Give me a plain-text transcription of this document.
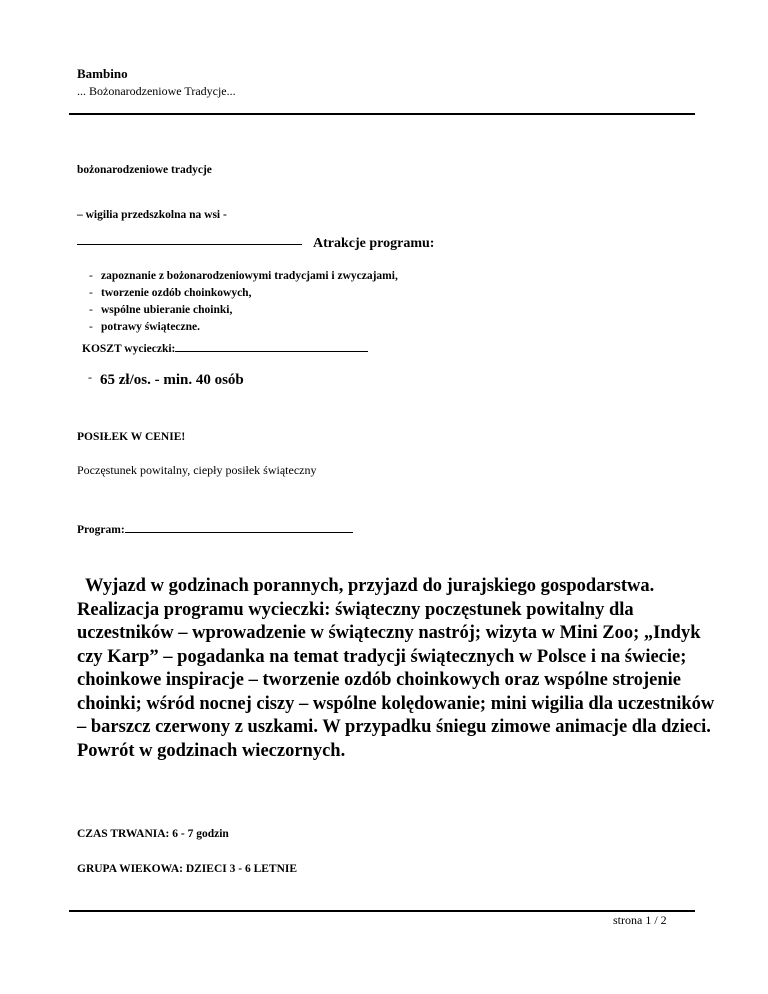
Bambino
... Bożonarodzeniowe Tradycje...
bożonarodzeniowe tradycje
– wigilia przedszkolna na wsi -
Atrakcje programu:
- zapoznanie z bożonarodzeniowymi tradycjami i zwyczajami,
- tworzenie ozdób choinkowych,
- wspólne ubieranie choinki,
- potrawy świąteczne.
KOSZT wycieczki:
- 65 zł/os. - min. 40 osób
POSIŁEK W CENIE!
Poczęstunek powitalny, ciepły posiłek świąteczny
Program:
Wyjazd w godzinach porannych, przyjazd do jurajskiego gospodarstwa. Realizacja programu wycieczki: świąteczny poczęstunek powitalny dla uczestników – wprowadzenie w świąteczny nastrój; wizyta w Mini Zoo; „Indyk czy Karp” – pogadanka na temat tradycji świątecznych w Polsce i na świecie; choinkowe inspiracje – tworzenie ozdób choinkowych oraz wspólne strojenie choinki; wśród nocnej ciszy – wspólne kolędowanie; mini wigilia dla uczestników – barszcz czerwony z uszkami. W przypadku śniegu zimowe animacje dla dzieci. Powrót w godzinach wieczornych.
CZAS TRWANIA: 6 - 7 godzin
GRUPA WIEKOWA: DZIECI 3 - 6 LETNIE
strona 1 / 2
